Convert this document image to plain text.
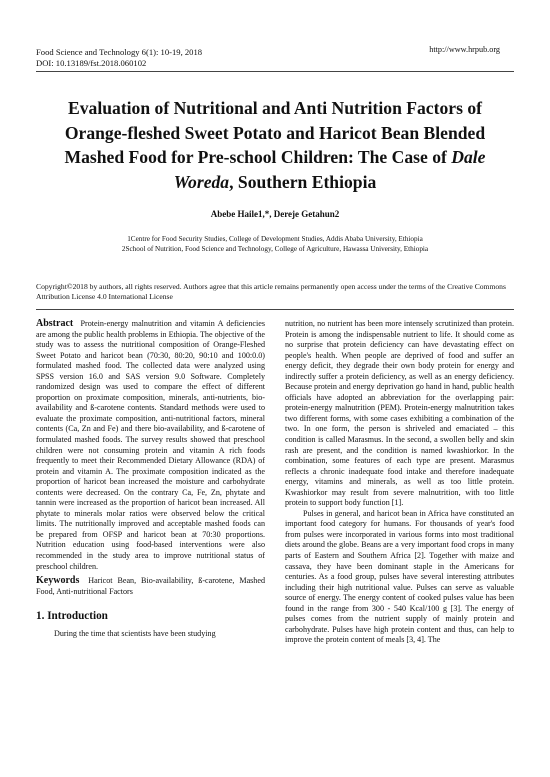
Food Science and Technology 6(1): 10-19, 2018
DOI: 10.13189/fst.2018.060102
http://www.hrpub.org
Evaluation of Nutritional and Anti Nutrition Factors of Orange-fleshed Sweet Potato and Haricot Bean Blended Mashed Food for Pre-school Children: The Case of Dale Woreda, Southern Ethiopia
Abebe Haile1,*, Dereje Getahun2
1Centre for Food Security Studies, College of Development Studies, Addis Ababa University, Ethiopia
2School of Nutrition, Food Science and Technology, College of Agriculture, Hawassa University, Ethiopia
Copyright©2018 by authors, all rights reserved. Authors agree that this article remains permanently open access under the terms of the Creative Commons Attribution License 4.0 International License

Abstract Protein-energy malnutrition and vitamin A deficiencies are among the public health problems in Ethiopia. The objective of the study was to assess the nutritional composition of Orange-Fleshed Sweet Potato and haricot bean (70:30, 80:20, 90:10 and 100:0.0) formulated mashed food. The collected data were analyzed using SPSS version 16.0 and SAS version 9.0 Software. Completely randomized design was used to compare the effect of different proportion on proximate composition, minerals, anti-nutrients, bio-availability and ß-carotene contents. Standard methods were used to evaluate the proximate composition, anti-nutritional factors, mineral contents (Ca, Zn and Fe) and there bio-availability, and ß-carotene of formulated mashed foods. The survey results showed that preschool children were not consuming protein and vitamin A rich foods frequently to meet their Recommended Dietary Allowance (RDA) of protein and vitamin A. The proximate composition indicated as the proportion of haricot bean increased the moisture and carbohydrate contents were decreased. On the contrary Ca, Fe, Zn, phytate and tannin were increased as the proportion of haricot bean increased. All phytate to minerals molar ratios were observed below the critical limits. The nutritionally improved and acceptable mashed foods can be prepared from OFSP and haricot bean at 70:30 proportions. Nutrition education using food-based interventions were also recommended in the study area to improve nutritional status of preschool children.

Keywords Haricot Bean, Bio-availability, ß-carotene, Mashed Food, Anti-nutritional Factors

1. Introduction

During the time that scientists have been studying

nutrition, no nutrient has been more intensely scrutinized than protein. Protein is among the indispensable nutrient to life. It should come as no surprise that protein deficiency can have devastating effect on people's health. When people are deprived of food and suffer an energy deficit, they degrade their own body protein for energy and indirectly suffer a protein deficiency, as well as an energy deficiency. Because protein and energy deprivation go hand in hand, public health officials have adopted an abbreviation for the overlapping pair: protein-energy malnutrition (PEM). Protein-energy malnutrition takes two different forms, with some cases exhibiting a combination of the two. In one form, the person is shriveled and emaciated – this condition is called Marasmus. In the second, a swollen belly and skin rash are present, and the condition is named kwashiorkor. In the combination, some features of each type are present. Marasmus reflects a chronic inadequate food intake and therefore inadequate energy, vitamins and minerals, as well as too little protein. Kwashiorkor may result from severe malnutrition, with too little protein to support body function [1].

Pulses in general, and haricot bean in Africa have constituted an important food category for humans. For thousands of year's food from pulses were incorporated in various forms into most traditional diets around the globe. Beans are a very important food crops in many parts of Eastern and Southern Africa [2]. Together with maize and cassava, they have been dominant staple in the Americans for centuries. As a food group, pulses have several interesting attributes including their high nutritional value. Pulses can serve as valuable source of energy. The energy content of cooked pulses value has been found in the range from 300 - 540 Kcal/100 g [3]. The energy of pulses comes from the nutrient supply of mainly protein and carbohydrate. Pulses have high protein content and thus, can help to improve the protein content of meals [3, 4]. The
